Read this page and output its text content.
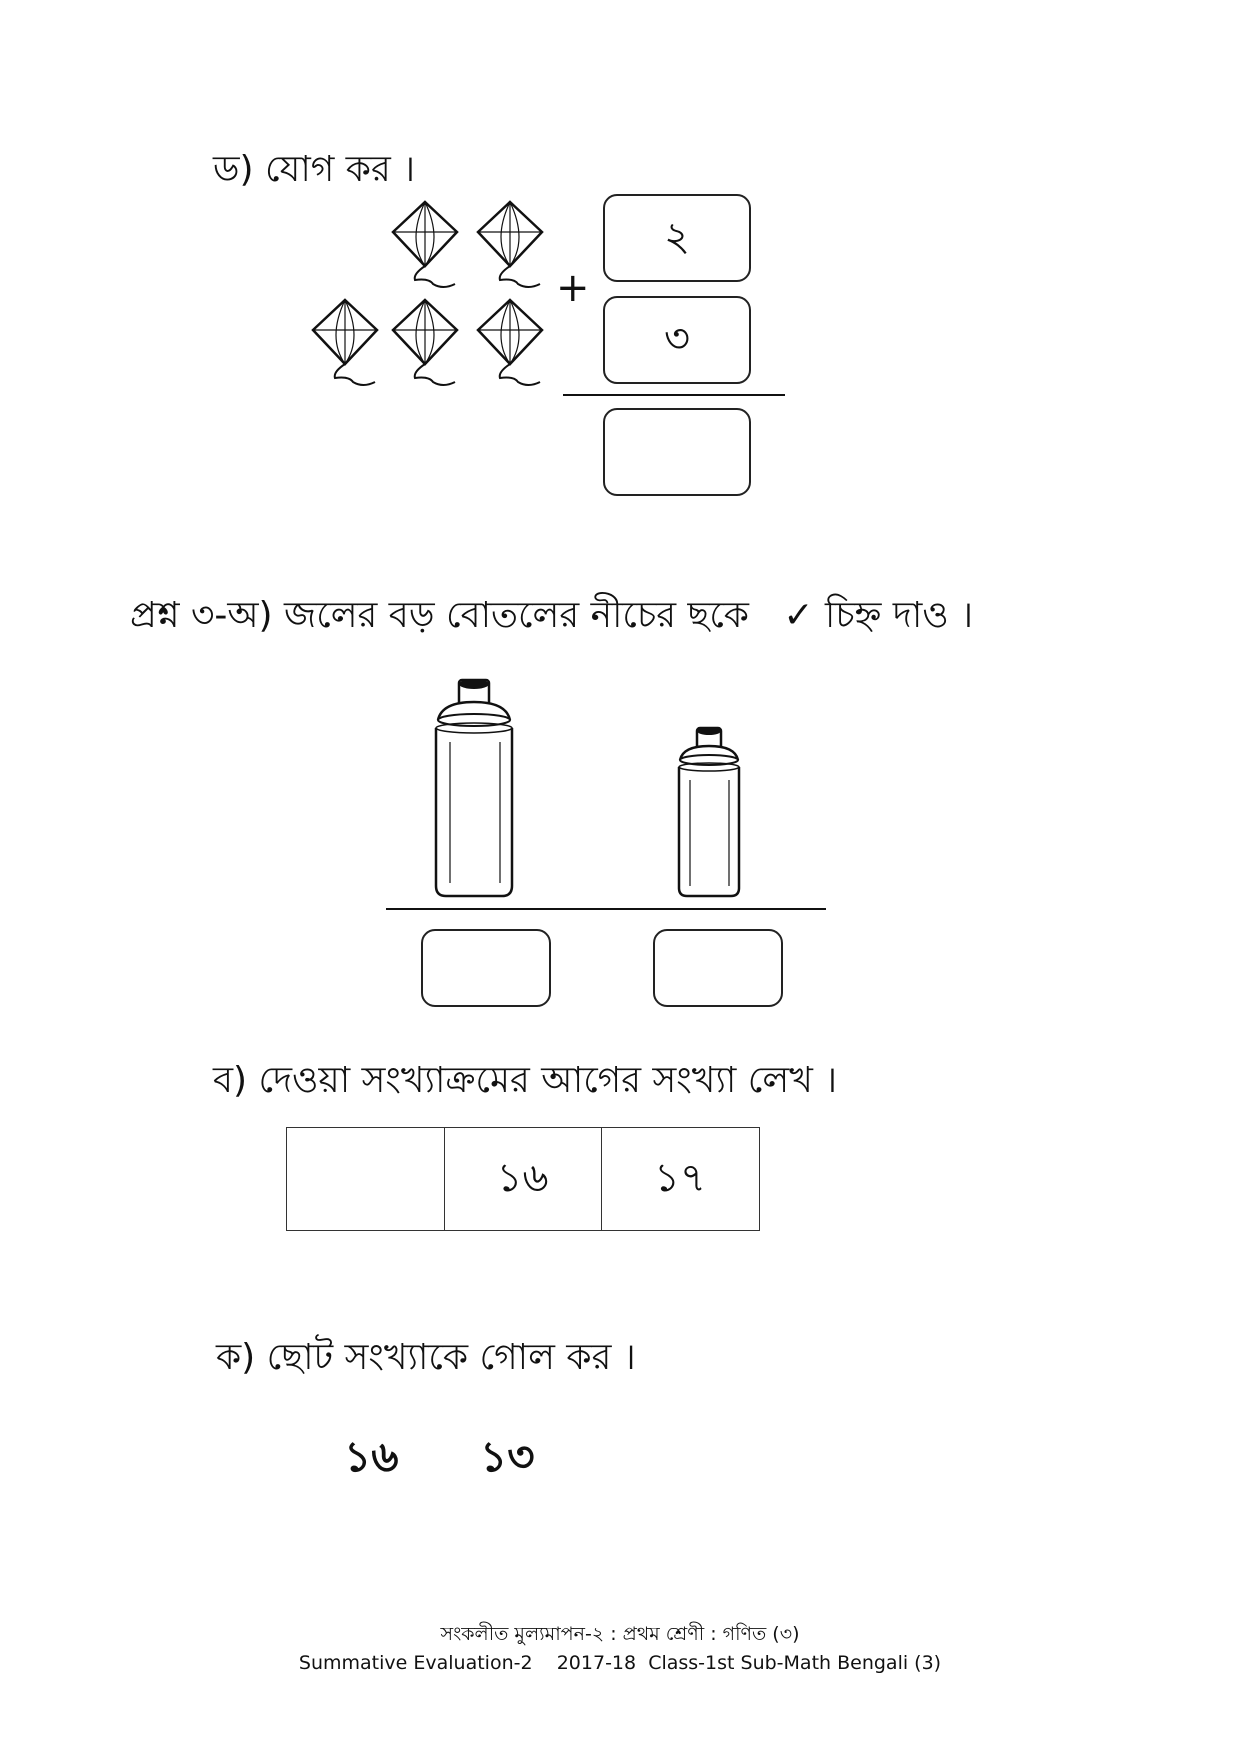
ড) যোগ কর ।
+
২
৩
প্রশ্ন ৩-অ) জলের বড় বোতলের নীচের ছকে ✓ চিহ্ন দাও ।
ব) দেওয়া সংখ্যাক্রমের আগের সংখ্যা লেখ ।
১৬	১৭
ক) ছোট সংখ্যাকে গোল কর ।
১৬ ১৩
সংকলীত মুল্যমাপন-২ : প্রথম শ্রেণী : গণিত (৩)
Summative Evaluation-2    2017-18  Class-1st Sub-Math Bengali (3)
